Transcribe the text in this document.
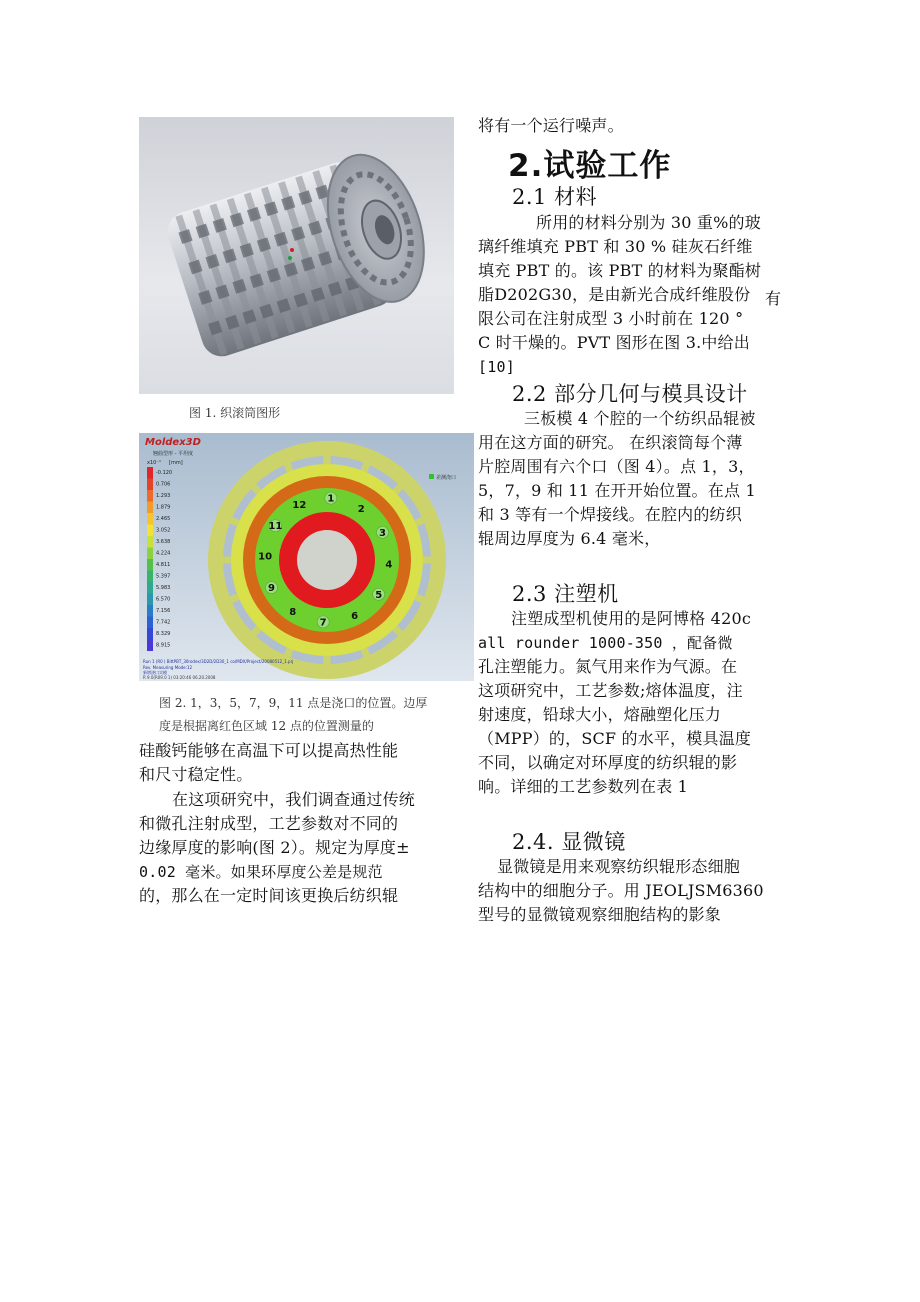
图 1. 织滚筒图形
Moldex3D
翘曲型形 - 平坦度
x10⁻¹ [mm]
-0.120
0.706
1.293
1.879
2.465
3.052
3.638
4.224
4.811
5.397
5.983
6.570
7.156
7.742
8.329
8.915
差测浇口
1
2
3
4
5
6
7
8
9
10
11
12
Run 1 (R0 ) BittPBT_30rodex/3D2D/2D30_1 co/MDX/Project/20080512_1.prj
Rev. Measuring Mode:12
新增浇口实模
R 9.0(R09.0 1) 03:20:46 06.20.2008
图 2. 1，3，5，7，9，11 点是浇口的位置。边厚
度是根据离红色区域 12 点的位置测量的
硅酸钙能够在高温下可以提高热性能
和尺寸稳定性。
在这项研究中，我们调查通过传统
和微孔注射成型，工艺参数对不同的
边缘厚度的影响(图 2）。规定为厚度±
0.02 毫米。如果环厚度公差是规范
的，那么在一定时间该更换后纺织辊
将有一个运行噪声。
2.试验工作
2.1 材料
所用的材料分别为 30 重%的玻
璃纤维填充 PBT 和 30 % 硅灰石纤维
填充 PBT 的。该 PBT 的材料为聚酯树
脂D202G30，是由新光合成纤维股份 有
限公司在注射成型 3 小时前在 120 °
C 时干燥的。PVT 图形在图 3.中给出
[10]
2.2 部分几何与模具设计
三板模 4 个腔的一个纺织品辊被
用在这方面的研究。 在织滚筒每个薄
片腔周围有六个口（图 4）。点 1，3，
5，7，9 和 11 在开开始位置。在点 1
和 3 等有一个焊接线。在腔内的纺织
辊周边厚度为 6.4 毫米，
2.3 注塑机
注塑成型机使用的是阿博格 420c
all rounder 1000-350 ，配备微
孔注塑能力。氮气用来作为气源。在
这项研究中，工艺参数;熔体温度，注
射速度，铅球大小，熔融塑化压力
（MPP）的，SCF 的水平，模具温度
不同，以确定对环厚度的纺织辊的影
响。详细的工艺参数列在表 1
2.4. 显微镜
显微镜是用来观察纺织辊形态细胞
结构中的细胞分子。用 JEOLJSM6360
型号的显微镜观察细胞结构的影象
